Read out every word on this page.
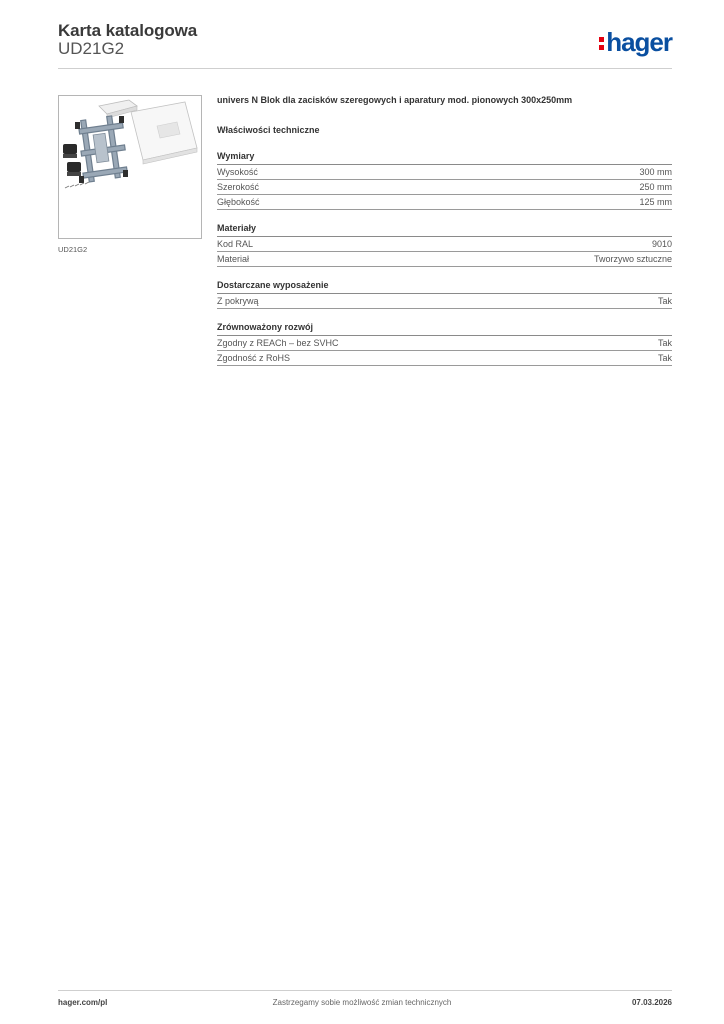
Karta katalogowa
UD21G2	hager
UD21G2

univers N Blok dla zacisków szeregowych i aparatury mod. pionowych 300x250mm

Właściwości techniczne
Wymiary
Wysokość	300 mm
Szerokość	250 mm
Głębokość	125 mm
Materiały
Kod RAL	9010
Materiał	Tworzywo sztuczne
Dostarczane wyposażenie
Z pokrywą	Tak
Zrównoważony rozwój
Zgodny z REACh – bez SVHC	Tak
Zgodność z RoHS	Tak
hager.com/pl	Zastrzegamy sobie możliwość zmian technicznych	07.03.2026
